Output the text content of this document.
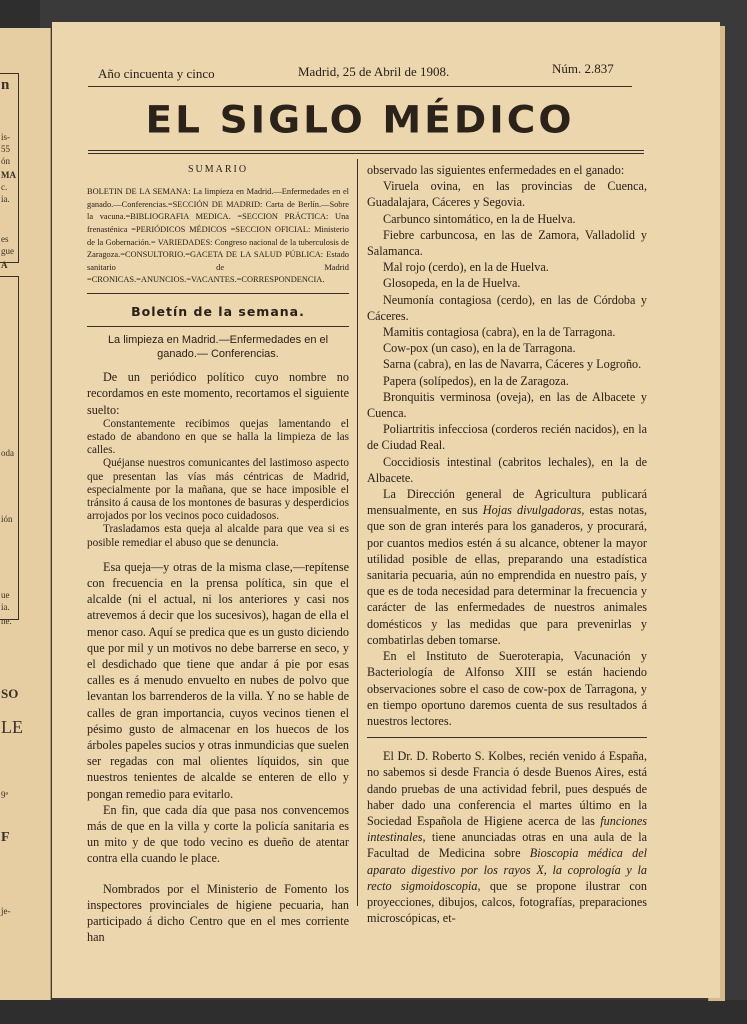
n
is-
55
ón
MA
c.
ia.
es
gue
A
oda
ión
ue
ia.
ne.
SO
LE
9ª
F
je-
Año cincuenta y cinco	Madrid, 25 de Abril de 1908.	Núm. 2.837
EL SIGLO MÉDICO

SUMARIO

BOLETIN DE LA SEMANA: La limpieza en Madrid.—Enfermedades en el ganado.—Conferencias.=SECCIÓN DE MADRID: Carta de Berlín.—Sobre la vacuna.=BIBLIOGRAFIA MEDICA. =SECCION PRÁCTICA: Una frenasténica =PERIÓDICOS MÉDICOS =SECCION OFICIAL: Ministerio de la Gobernación.= VARIEDADES: Congreso nacional de la tuberculosis de Zaragoza.=CONSULTORIO.=GACETA DE LA SALUD PÚBLICA: Estado sanitario de Madrid =CRONICAS.=ANUNCIOS.=VACANTES.=CORRESPONDENCIA.

Boletín de la semana.

La limpieza en Madrid.—Enfermedades en el ganado.— Conferencias.

De un periódico político cuyo nombre no recordamos en este momento, recortamos el siguiente suelto:

Constantemente recibimos quejas lamentando el estado de abandono en que se halla la limpieza de las calles.

Quéjanse nuestros comunicantes del lastimoso aspecto que presentan las vías más céntricas de Madrid, especialmente por la mañana, que se hace imposible el tránsito á causa de los montones de basuras y desperdicios arrojados por los vecinos poco cuidadosos.

Trasladamos esta queja al alcalde para que vea si es posible remediar el abuso que se denuncia.

Esa queja—y otras de la misma clase,—repítense con frecuencia en la prensa política, sin que el alcalde (ni el actual, ni los anteriores y casi nos atrevemos á decir que los sucesivos), hagan de ella el menor caso. Aquí se predica que es un gusto diciendo que por mil y un motivos no debe barrerse en seco, y el desdichado que tiene que andar á pie por esas calles es á menudo envuelto en nubes de polvo que levantan los barrenderos de la villa. Y no se hable de calles de gran importancia, cuyos vecinos tienen el pésimo gusto de almacenar en los huecos de los árboles papeles sucios y otras inmundicias que suelen ser regadas con mal olientes líquidos, sin que nuestros tenientes de alcalde se enteren de ello y pongan remedio para evitarlo.

En fin, que cada día que pasa nos convencemos más de que en la villa y corte la policía sanitaria es un mito y de que todo vecino es dueño de atentar contra ella cuando le place.

Nombrados por el Ministerio de Fomento los inspectores provinciales de higiene pecuaria, han participado á dicho Centro que en el mes corriente han

observado las siguientes enfermedades en el ganado:

Viruela ovina, en las provincias de Cuenca, Guadalajara, Cáceres y Segovia.

Carbunco sintomático, en la de Huelva.

Fiebre carbuncosa, en las de Zamora, Valladolid y Salamanca.

Mal rojo (cerdo), en la de Huelva.

Glosopeda, en la de Huelva.

Neumonía contagiosa (cerdo), en las de Córdoba y Cáceres.

Mamitis contagiosa (cabra), en la de Tarragona.

Cow-pox (un caso), en la de Tarragona.

Sarna (cabra), en las de Navarra, Cáceres y Logroño.

Papera (solípedos), en la de Zaragoza.

Bronquitis verminosa (oveja), en las de Albacete y Cuenca.

Poliartritis infecciosa (corderos recién nacidos), en la de Ciudad Real.

Coccidiosis intestinal (cabritos lechales), en la de Albacete.

La Dirección general de Agricultura publicará mensualmente, en sus Hojas divulgadoras, estas notas, que son de gran interés para los ganaderos, y procurará, por cuantos medios estén á su alcance, obtener la mayor utilidad posible de ellas, preparando una estadística sanitaria pecuaria, aún no emprendida en nuestro país, y que es de toda necesidad para determinar la frecuencia y carácter de las enfermedades de nuestros animales domésticos y las medidas que para prevenirlas y combatirlas deben tomarse.

En el Instituto de Sueroterapia, Vacunación y Bacteriología de Alfonso XIII se están haciendo observaciones sobre el caso de cow-pox de Tarragona, y en tiempo oportuno daremos cuenta de sus resultados á nuestros lectores.

El Dr. D. Roberto S. Kolbes, recién venido á España, no sabemos si desde Francia ó desde Buenos Aires, está dando pruebas de una actividad febril, pues después de haber dado una conferencia el martes último en la Sociedad Española de Higiene acerca de las funciones intestinales, tiene anunciadas otras en una aula de la Facultad de Medicina sobre Bioscopia médica del aparato digestivo por los rayos X, la coprología y la recto sigmoidoscopia, que se propone ilustrar con proyecciones, dibujos, calcos, fotografías, preparaciones microscópicas, et-
